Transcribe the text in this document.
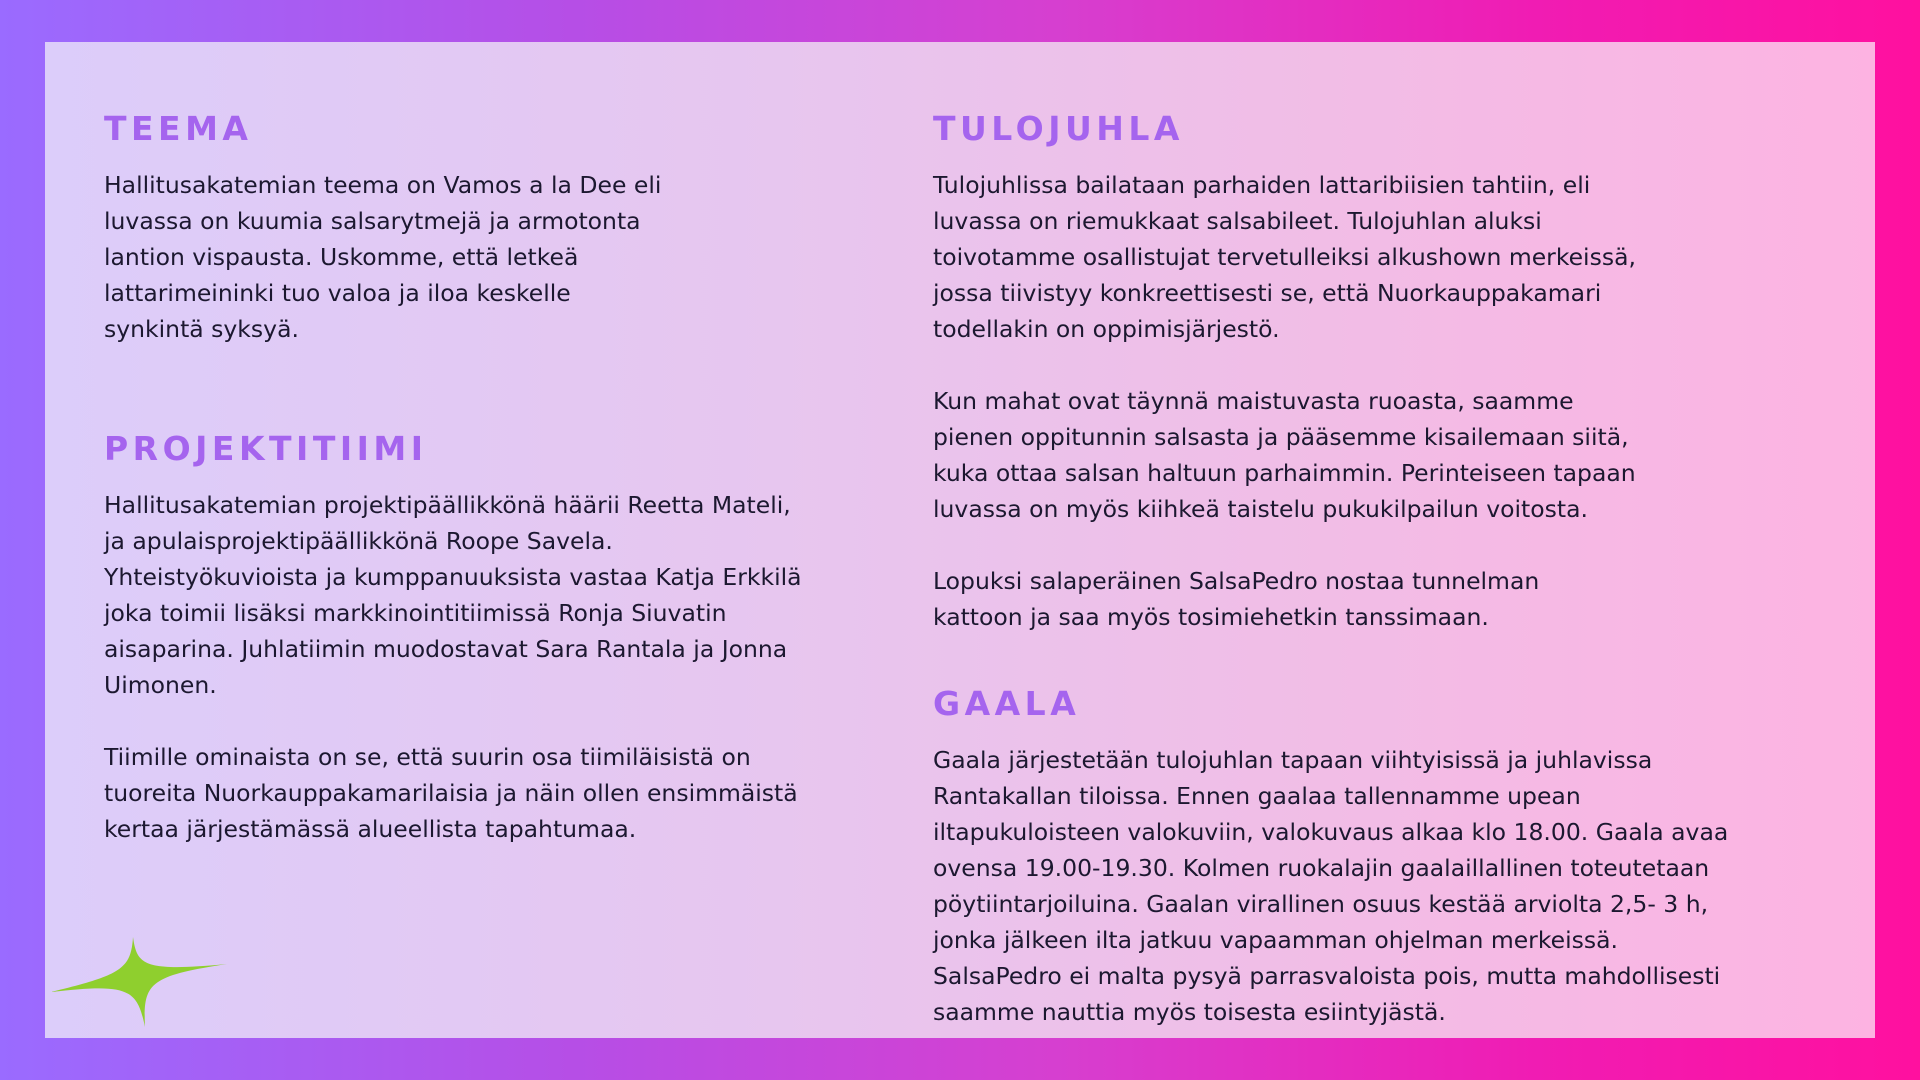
TEEMA

Hallitusakatemian teema on Vamos a la Dee eli
luvassa on kuumia salsarytmejä ja armotonta
lantion vispausta. Uskomme, että letkeä
lattarimeininki tuo valoa ja iloa keskelle
synkintä syksyä.

PROJEKTITIIMI

Hallitusakatemian projektipäällikkönä häärii Reetta Mateli,
ja apulaisprojektipäällikkönä Roope Savela.
Yhteistyökuvioista ja kumppanuuksista vastaa Katja Erkkilä
joka toimii lisäksi markkinointitiimissä Ronja Siuvatin
aisaparina. Juhlatiimin muodostavat Sara Rantala ja Jonna
Uimonen.

Tiimille ominaista on se, että suurin osa tiimiläisistä on
tuoreita Nuorkauppakamarilaisia ja näin ollen ensimmäistä
kertaa järjestämässä alueellista tapahtumaa.

TULOJUHLA

Tulojuhlissa bailataan parhaiden lattaribiisien tahtiin, eli
luvassa on riemukkaat salsabileet. Tulojuhlan aluksi
toivotamme osallistujat tervetulleiksi alkushown merkeissä,
jossa tiivistyy konkreettisesti se, että Nuorkauppakamari
todellakin on oppimisjärjestö.

Kun mahat ovat täynnä maistuvasta ruoasta, saamme
pienen oppitunnin salsasta ja pääsemme kisailemaan siitä,
kuka ottaa salsan haltuun parhaimmin. Perinteiseen tapaan
luvassa on myös kiihkeä taistelu pukukilpailun voitosta.

Lopuksi salaperäinen SalsaPedro nostaa tunnelman
kattoon ja saa myös tosimiehetkin tanssimaan.

GAALA

Gaala järjestetään tulojuhlan tapaan viihtyisissä ja juhlavissa
Rantakallan tiloissa. Ennen gaalaa tallennamme upean
iltapukuloisteen valokuviin, valokuvaus alkaa klo 18.00. Gaala avaa
ovensa 19.00-19.30. Kolmen ruokalajin gaalaillallinen toteutetaan
pöytiintarjoiluina. Gaalan virallinen osuus kestää arviolta 2,5- 3 h,
jonka jälkeen ilta jatkuu vapaamman ohjelman merkeissä.
SalsaPedro ei malta pysyä parrasvaloista pois, mutta mahdollisesti
saamme nauttia myös toisesta esiintyjästä.
